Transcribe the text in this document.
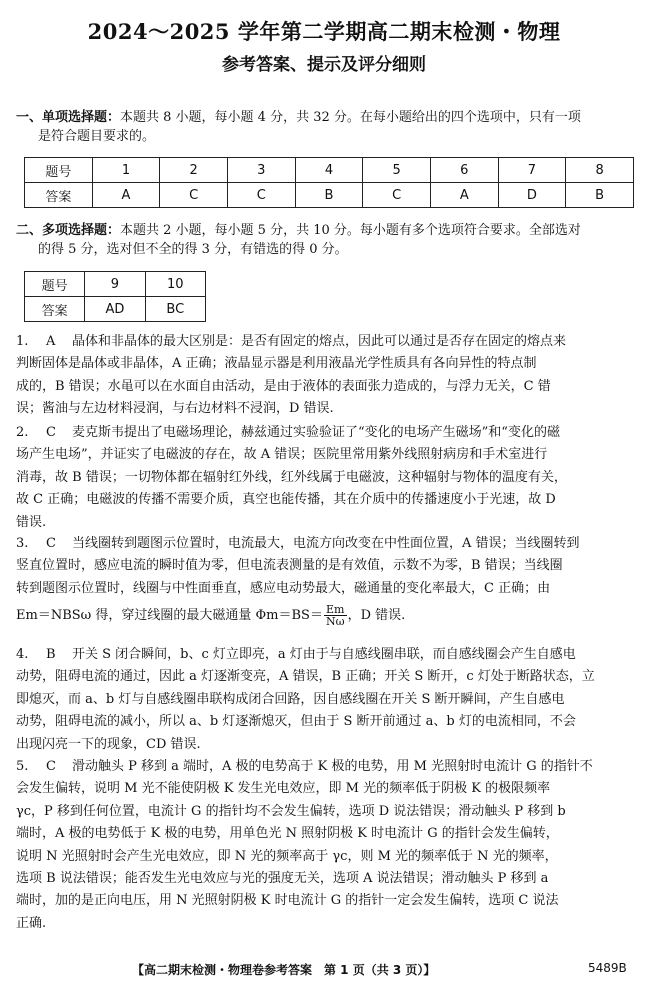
2024～2025 学年第二学期高二期末检测・物理
参考答案、提示及评分细则
一、单项选择题：本题共 8 小题，每小题 4 分，共 32 分。在每小题给出的四个选项中，只有一项
是符合题目要求的。
题号	1	2	3	4	5	6	7	8
答案	A	C	C	B	C	A	D	B
二、多项选择题：本题共 2 小题，每小题 5 分，共 10 分。每小题有多个选项符合要求。全部选对
的得 5 分，选对但不全的得 3 分，有错选的得 0 分。
题号	9	10
答案	AD	BC
1. A 晶体和非晶体的最大区别是：是否有固定的熔点，因此可以通过是否存在固定的熔点来
判断固体是晶体或非晶体，A 正确；液晶显示器是利用液晶光学性质具有各向异性的特点制
成的，B 错误；水黾可以在水面自由活动，是由于液体的表面张力造成的，与浮力无关，C 错
误；酱油与左边材料浸润，与右边材料不浸润，D 错误.
2. C 麦克斯韦提出了电磁场理论，赫兹通过实验验证了“变化的电场产生磁场”和“变化的磁
场产生电场”，并证实了电磁波的存在，故 A 错误；医院里常用紫外线照射病房和手术室进行
消毒，故 B 错误；一切物体都在辐射红外线，红外线属于电磁波，这种辐射与物体的温度有关，
故 C 正确；电磁波的传播不需要介质，真空也能传播，其在介质中的传播速度小于光速，故 D
错误.
3. C 当线圈转到题图示位置时，电流最大，电流方向改变在中性面位置，A 错误；当线圈转到
竖直位置时，感应电流的瞬时值为零，但电流表测量的是有效值，示数不为零，B 错误；当线圈
转到题图示位置时，线圈与中性面垂直，感应电动势最大，磁通量的变化率最大，C 正确；由

Em＝NBSω 得，穿过线圈的最大磁通量 $\Phi m=BS= \frac{Em}{N\omega}$ ，D 错误.
4. B 开关 S 闭合瞬间，b、c 灯立即亮，a 灯由于与自感线圈串联，而自感线圈会产生自感电
动势，阻碍电流的通过，因此 a 灯逐渐变亮，A 错误，B 正确；开关 S 断开，c 灯处于断路状态，立
即熄灭，而 a、b 灯与自感线圈串联构成闭合回路，因自感线圈在开关 S 断开瞬间，产生自感电
动势，阻碍电流的减小，所以 a、b 灯逐渐熄灭，但由于 S 断开前通过 a、b 灯的电流相同，不会
出现闪亮一下的现象，CD 错误.
5. C 滑动触头 P 移到 a 端时，A 极的电势高于 K 极的电势，用 M 光照射时电流计 G 的指针不
会发生偏转，说明 M 光不能使阴极 K 发生光电效应，即 M 光的频率低于阴极 K 的极限频率
γc，P 移到任何位置，电流计 G 的指针均不会发生偏转，选项 D 说法错误；滑动触头 P 移到 b
端时，A 极的电势低于 K 极的电势，用单色光 N 照射阴极 K 时电流计 G 的指针会发生偏转，
说明 N 光照射时会产生光电效应，即 N 光的频率高于 γc，则 M 光的频率低于 N 光的频率，
选项 B 说法错误；能否发生光电效应与光的强度无关，选项 A 说法错误；滑动触头 P 移到 a
端时，加的是正向电压，用 N 光照射阴极 K 时电流计 G 的指针一定会发生偏转，选项 C 说法
正确.
【高二期末检测・物理卷参考答案　第 1 页（共 3 页）】	5489B
